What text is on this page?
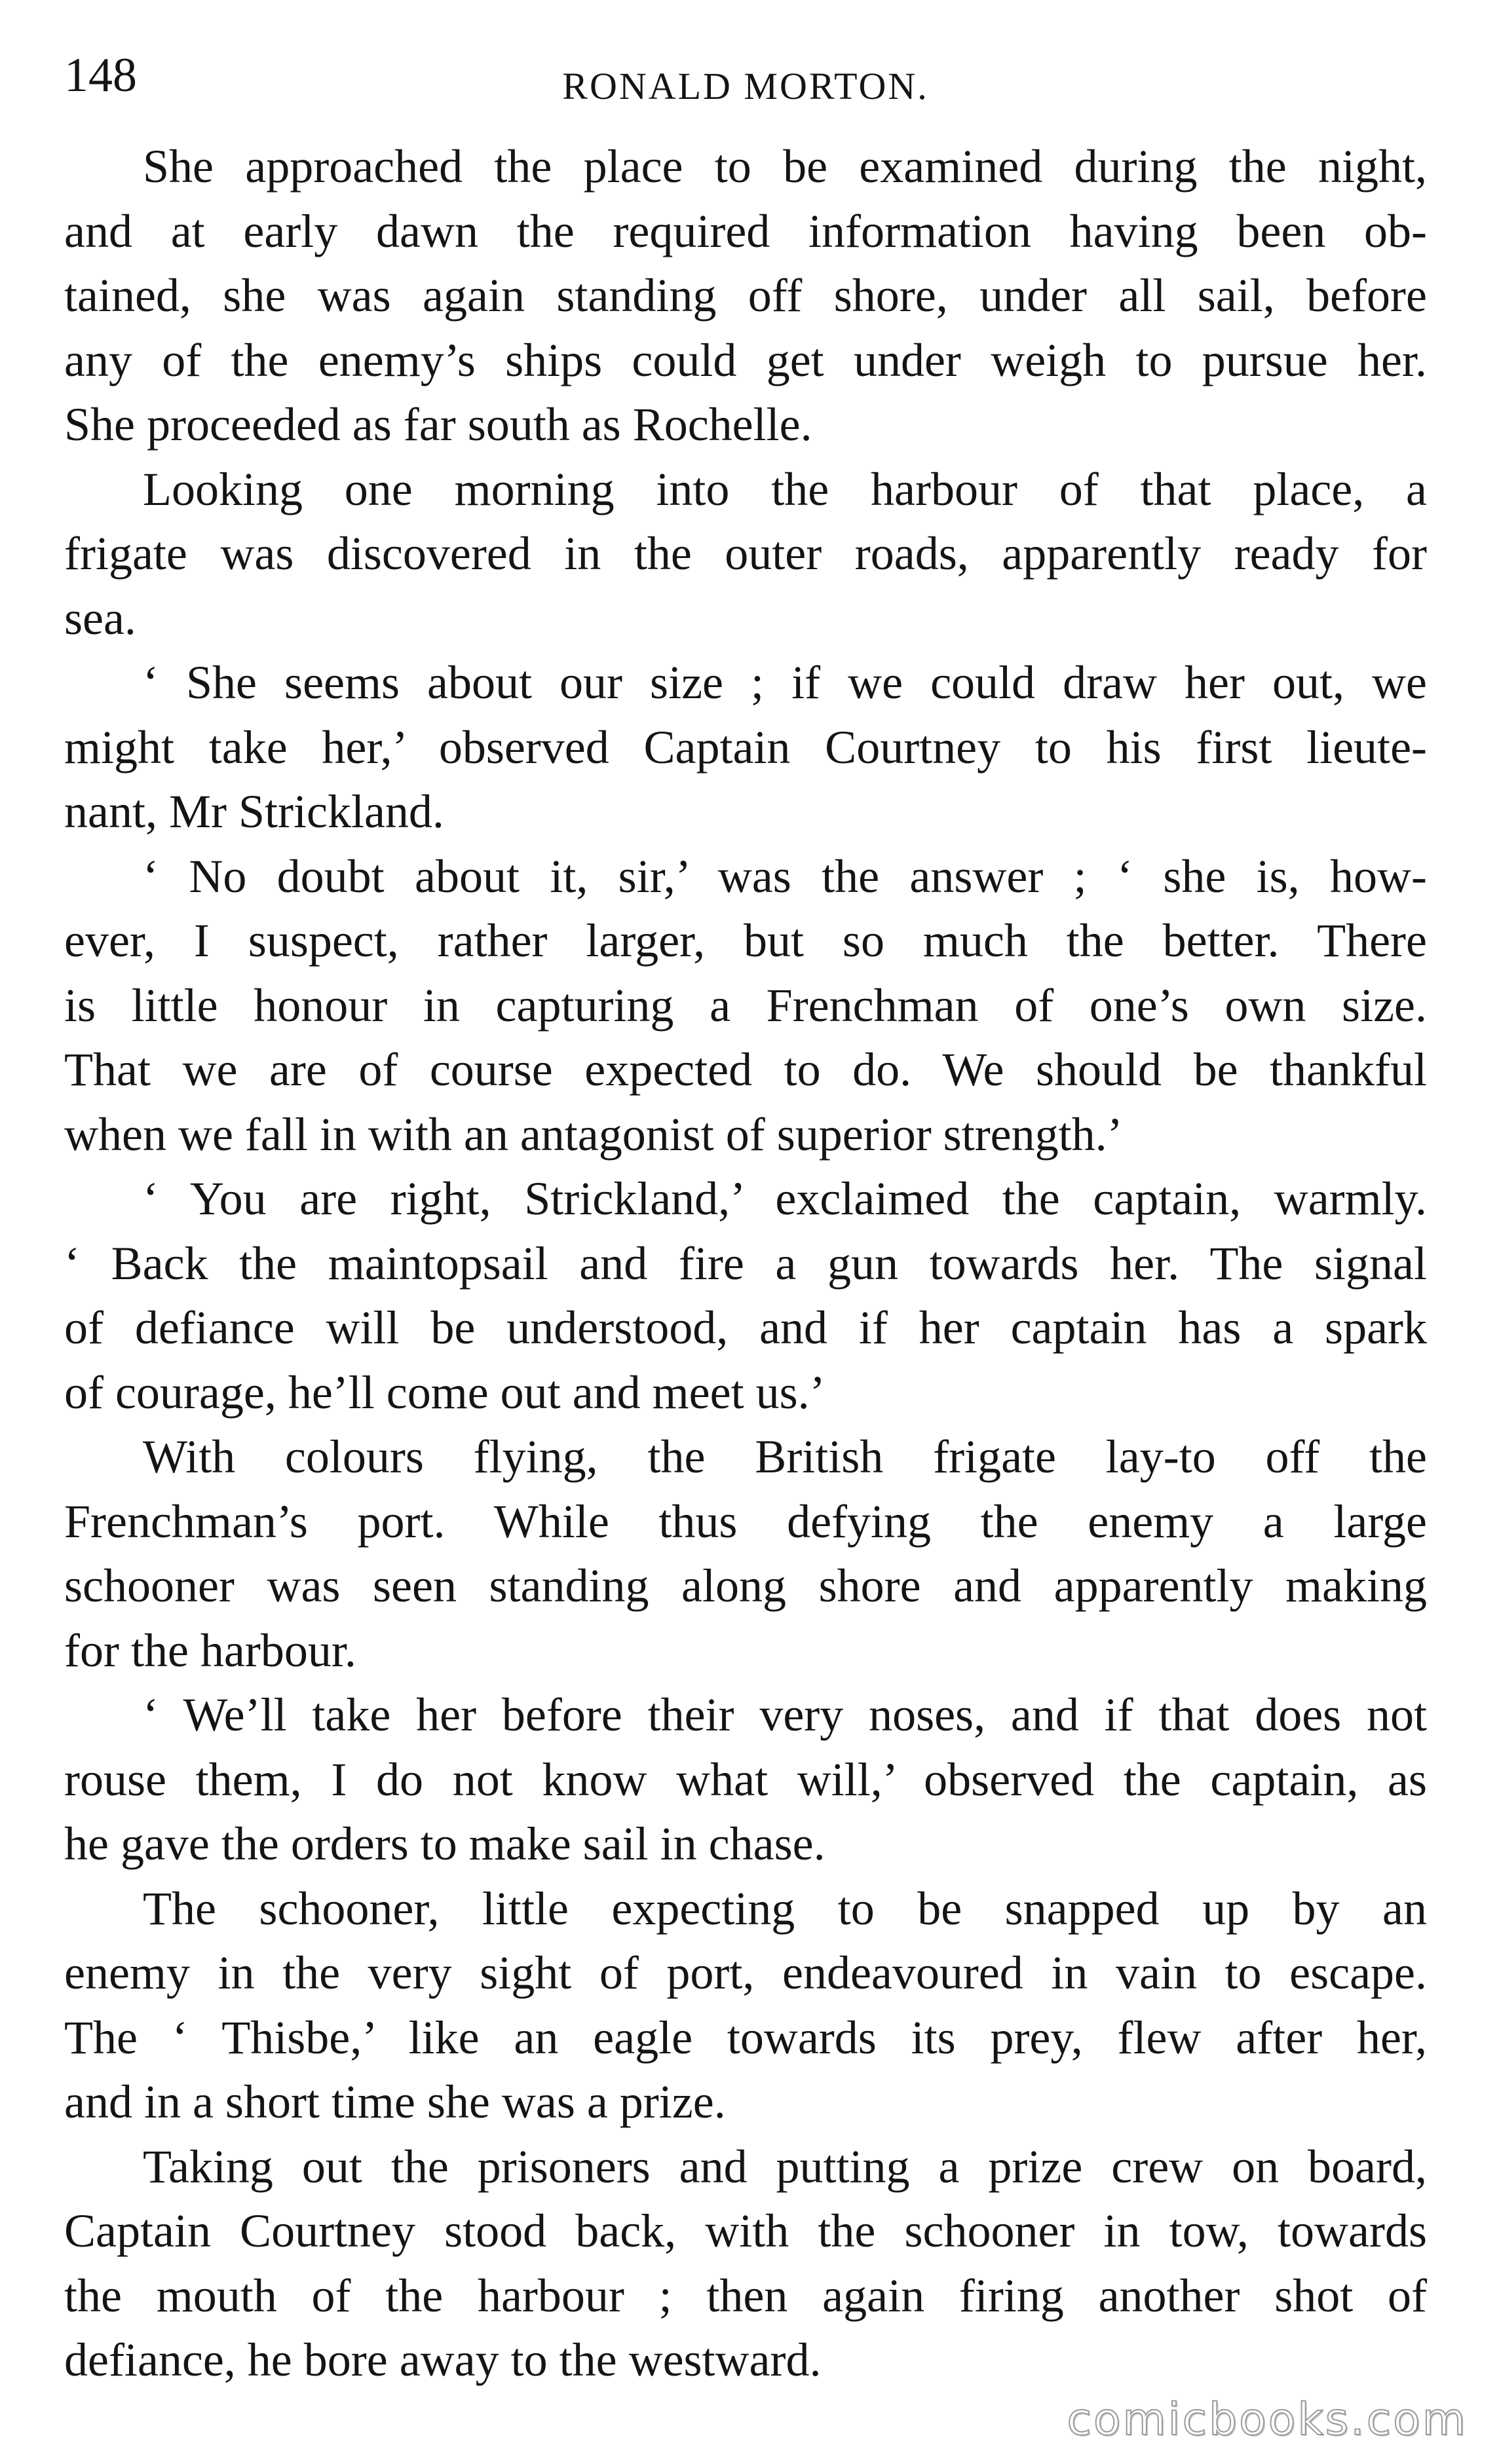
148	RONALD MORTON.

She approached the place to be examined during the night,
and at early dawn the required information having been ob-
tained, she was again standing off shore, under all sail, before
any of the enemy’s ships could get under weigh to pursue her.
She proceeded as far south as Rochelle.

Looking one morning into the harbour of that place, a
frigate was discovered in the outer roads, apparently ready for
sea.

‘ She seems about our size ; if we could draw her out, we
might take her,’ observed Captain Courtney to his first lieute-
nant, Mr Strickland.

‘ No doubt about it, sir,’ was the answer ; ‘ she is, how-
ever, I suspect, rather larger, but so much the better. There
is little honour in capturing a Frenchman of one’s own size.
That we are of course expected to do. We should be thankful
when we fall in with an antagonist of superior strength.’

‘ You are right, Strickland,’ exclaimed the captain, warmly.
‘ Back the maintopsail and fire a gun towards her. The signal
of defiance will be understood, and if her captain has a spark
of courage, he’ll come out and meet us.’

With colours flying, the British frigate lay-to off the
Frenchman’s port. While thus defying the enemy a large
schooner was seen standing along shore and apparently making
for the harbour.

‘ We’ll take her before their very noses, and if that does not
rouse them, I do not know what will,’ observed the captain, as
he gave the orders to make sail in chase.

The schooner, little expecting to be snapped up by an
enemy in the very sight of port, endeavoured in vain to escape.
The ‘ Thisbe,’ like an eagle towards its prey, flew after her,
and in a short time she was a prize.

Taking out the prisoners and putting a prize crew on board,
Captain Courtney stood back, with the schooner in tow, towards
the mouth of the harbour ; then again firing another shot of
defiance, he bore away to the westward.

comicbooks.com
